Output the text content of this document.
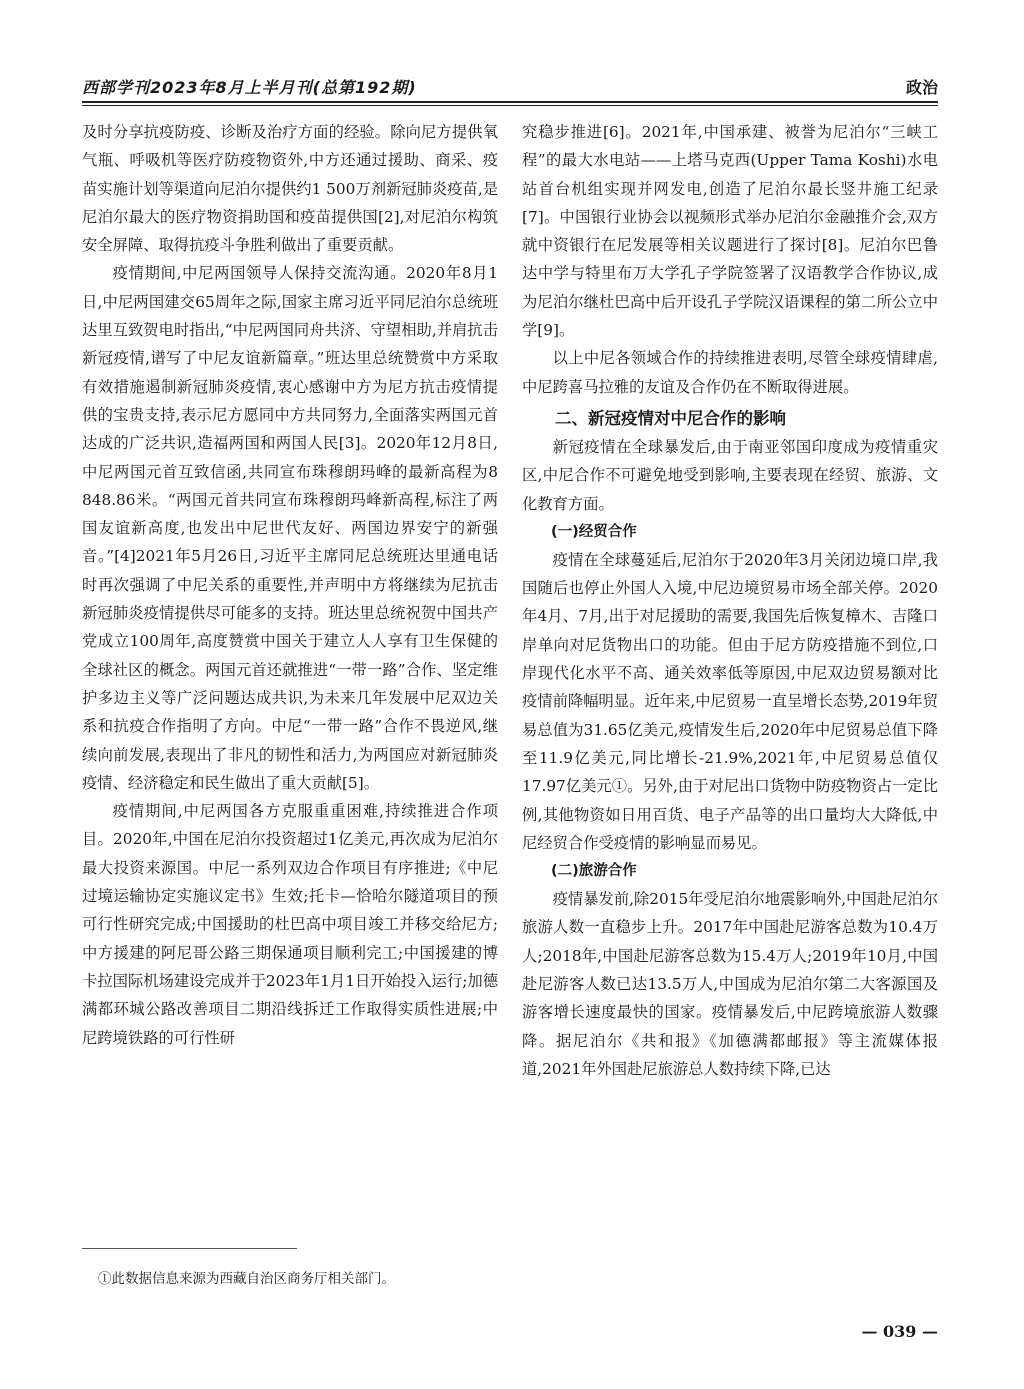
西部学刊2023年8月上半月刊(总第192期)	政治

及时分享抗疫防疫、诊断及治疗方面的经验。除向尼方提供氧气瓶、呼吸机等医疗防疫物资外,中方还通过援助、商采、疫苗实施计划等渠道向尼泊尔提供约1 500万剂新冠肺炎疫苗,是尼泊尔最大的医疗物资捐助国和疫苗提供国[2],对尼泊尔构筑安全屏障、取得抗疫斗争胜利做出了重要贡献。

疫情期间,中尼两国领导人保持交流沟通。2020年8月1日,中尼两国建交65周年之际,国家主席习近平同尼泊尔总统班达里互致贺电时指出,“中尼两国同舟共济、守望相助,并肩抗击新冠疫情,谱写了中尼友谊新篇章。”班达里总统赞赏中方采取有效措施遏制新冠肺炎疫情,衷心感谢中方为尼方抗击疫情提供的宝贵支持,表示尼方愿同中方共同努力,全面落实两国元首达成的广泛共识,造福两国和两国人民[3]。2020年12月8日,中尼两国元首互致信函,共同宣布珠穆朗玛峰的最新高程为8 848.86米。“两国元首共同宣布珠穆朗玛峰新高程,标注了两国友谊新高度,也发出中尼世代友好、两国边界安宁的新强音。”[4]2021年5月26日,习近平主席同尼总统班达里通电话时再次强调了中尼关系的重要性,并声明中方将继续为尼抗击新冠肺炎疫情提供尽可能多的支持。班达里总统祝贺中国共产党成立100周年,高度赞赏中国关于建立人人享有卫生保健的全球社区的概念。两国元首还就推进“一带一路”合作、坚定维护多边主义等广泛问题达成共识,为未来几年发展中尼双边关系和抗疫合作指明了方向。中尼“一带一路”合作不畏逆风,继续向前发展,表现出了非凡的韧性和活力,为两国应对新冠肺炎疫情、经济稳定和民生做出了重大贡献[5]。

疫情期间,中尼两国各方克服重重困难,持续推进合作项目。2020年,中国在尼泊尔投资超过1亿美元,再次成为尼泊尔最大投资来源国。中尼一系列双边合作项目有序推进;《中尼过境运输协定实施议定书》生效;托卡—恰哈尔隧道项目的预可行性研究完成;中国援助的杜巴高中项目竣工并移交给尼方;中方援建的阿尼哥公路三期保通项目顺利完工;中国援建的博卡拉国际机场建设完成并于2023年1月1日开始投入运行;加德满都环城公路改善项目二期沿线拆迁工作取得实质性进展;中尼跨境铁路的可行性研

究稳步推进[6]。2021年,中国承建、被誉为尼泊尔“三峡工程”的最大水电站——上塔马克西(Upper Tama Koshi)水电站首台机组实现并网发电,创造了尼泊尔最长竖井施工纪录[7]。中国银行业协会以视频形式举办尼泊尔金融推介会,双方就中资银行在尼发展等相关议题进行了探讨[8]。尼泊尔巴鲁达中学与特里布万大学孔子学院签署了汉语教学合作协议,成为尼泊尔继杜巴高中后开设孔子学院汉语课程的第二所公立中学[9]。

以上中尼各领域合作的持续推进表明,尽管全球疫情肆虐,中尼跨喜马拉雅的友谊及合作仍在不断取得进展。

二、新冠疫情对中尼合作的影响

新冠疫情在全球暴发后,由于南亚邻国印度成为疫情重灾区,中尼合作不可避免地受到影响,主要表现在经贸、旅游、文化教育方面。

(一)经贸合作

疫情在全球蔓延后,尼泊尔于2020年3月关闭边境口岸,我国随后也停止外国人入境,中尼边境贸易市场全部关停。2020年4月、7月,出于对尼援助的需要,我国先后恢复樟木、吉隆口岸单向对尼货物出口的功能。但由于尼方防疫措施不到位,口岸现代化水平不高、通关效率低等原因,中尼双边贸易额对比疫情前降幅明显。近年来,中尼贸易一直呈增长态势,2019年贸易总值为31.65亿美元,疫情发生后,2020年中尼贸易总值下降至11.9亿美元,同比增长-21.9%,2021年,中尼贸易总值仅17.97亿美元①。另外,由于对尼出口货物中防疫物资占一定比例,其他物资如日用百货、电子产品等的出口量均大大降低,中尼经贸合作受疫情的影响显而易见。

(二)旅游合作

疫情暴发前,除2015年受尼泊尔地震影响外,中国赴尼泊尔旅游人数一直稳步上升。2017年中国赴尼游客总数为10.4万人;2018年,中国赴尼游客总数为15.4万人;2019年10月,中国赴尼游客人数已达13.5万人,中国成为尼泊尔第二大客源国及游客增长速度最快的国家。疫情暴发后,中尼跨境旅游人数骤降。据尼泊尔《共和报》《加德满都邮报》等主流媒体报道,2021年外国赴尼旅游总人数持续下降,已达

①此数据信息来源为西藏自治区商务厅相关部门。
— 039 —
